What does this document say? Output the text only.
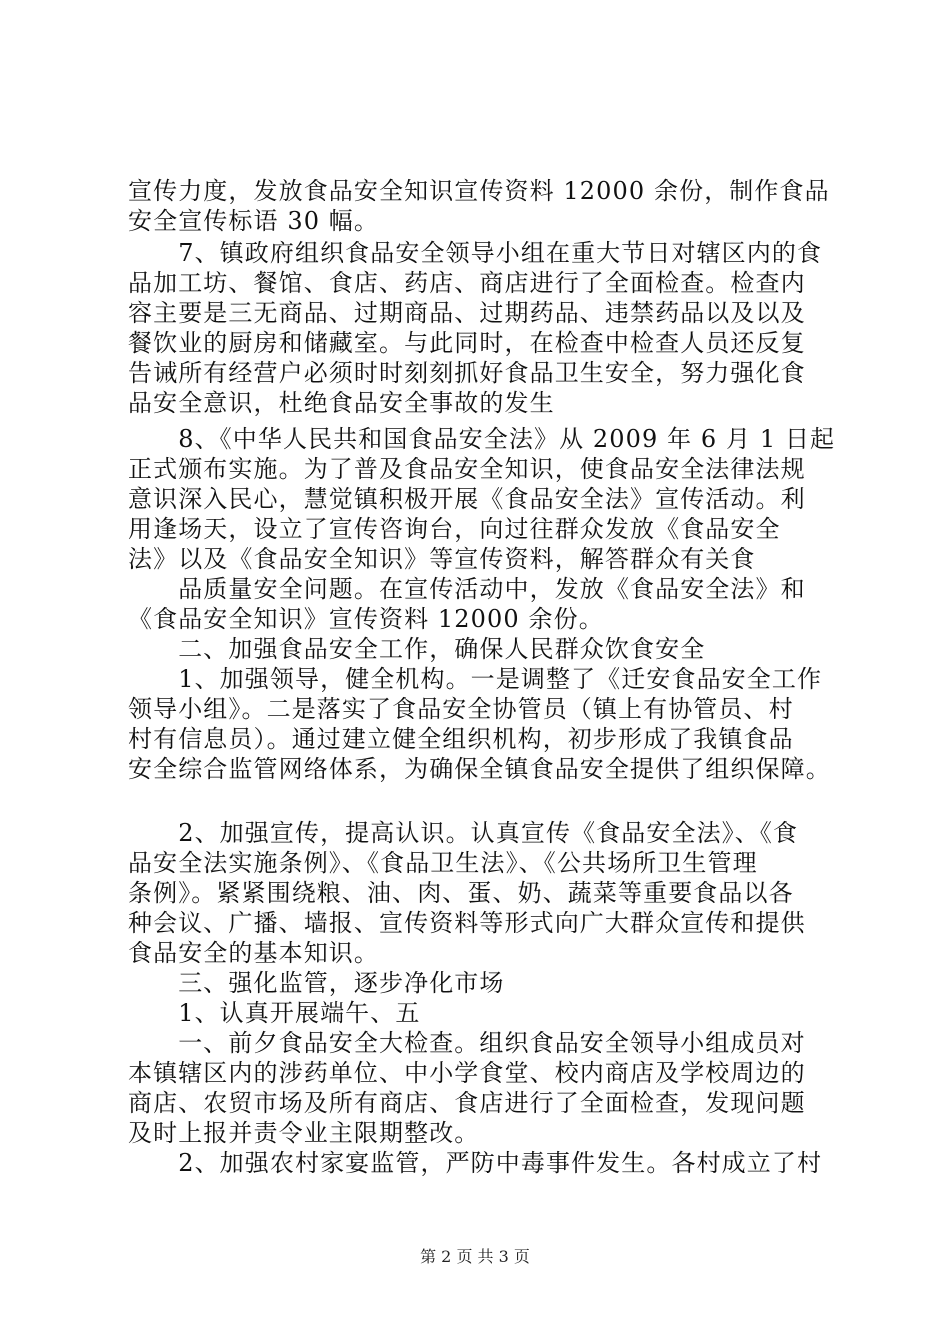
宣传力度，发放食品安全知识宣传资料 12000 余份，制作食品
安全宣传标语 30 幅。
　　7、镇政府组织食品安全领导小组在重大节日对辖区内的食
品加工坊、餐馆、食店、药店、商店进行了全面检查。检查内
容主要是三无商品、过期商品、过期药品、违禁药品以及以及
餐饮业的厨房和储藏室。与此同时，在检查中检查人员还反复
告诫所有经营户必须时时刻刻抓好食品卫生安全，努力强化食
品安全意识，杜绝食品安全事故的发生
　　8、《中华人民共和国食品安全法》从 2009 年 6 月 1 日起
正式颁布实施。为了普及食品安全知识，使食品安全法律法规
意识深入民心，慧觉镇积极开展《食品安全法》宣传活动。利
用逢场天，设立了宣传咨询台，向过往群众发放《食品安全
法》以及《食品安全知识》等宣传资料，解答群众有关食
　　品质量安全问题。在宣传活动中，发放《食品安全法》和
《食品安全知识》宣传资料 12000 余份。
　　二、加强食品安全工作，确保人民群众饮食安全
　　1、加强领导，健全机构。一是调整了《迁安食品安全工作
领导小组》。二是落实了食品安全协管员（镇上有协管员、村
村有信息员）。通过建立健全组织机构，初步形成了我镇食品
安全综合监管网络体系，为确保全镇食品安全提供了组织保障。
　　2、加强宣传，提高认识。认真宣传《食品安全法》、《食
品安全法实施条例》、《食品卫生法》、《公共场所卫生管理
条例》。紧紧围绕粮、油、肉、蛋、奶、蔬菜等重要食品以各
种会议、广播、墙报、宣传资料等形式向广大群众宣传和提供
食品安全的基本知识。
　　三、强化监管，逐步净化市场
　　1、认真开展端午、五
　　一、前夕食品安全大检查。组织食品安全领导小组成员对
本镇辖区内的涉药单位、中小学食堂、校内商店及学校周边的
商店、农贸市场及所有商店、食店进行了全面检查，发现问题
及时上报并责令业主限期整改。
　　2、加强农村家宴监管，严防中毒事件发生。各村成立了村
第 2 页 共 3 页
